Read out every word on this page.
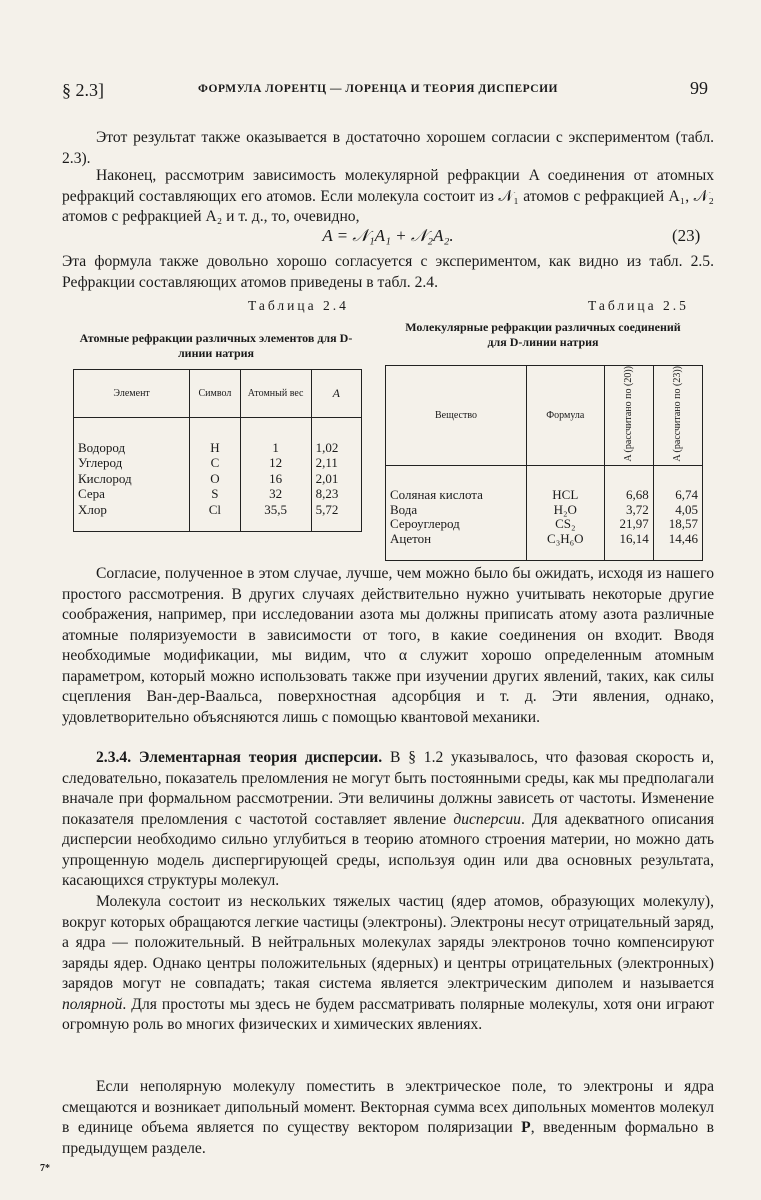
§ 2.3]	ФОРМУЛА ЛОРЕНТЦ — ЛОРЕНЦА И ТЕОРИЯ ДИСПЕРСИИ	99
Этот результат также оказывается в достаточно хорошем согласии с экспериментом (табл. 2.3).
Наконец, рассмотрим зависимость молекулярной рефракции A соединения от атомных рефракций составляющих его атомов. Если молекула состоит из 𝒩₁ атомов с рефракцией A₁, 𝒩₂ атомов с рефракцией A₂ и т. д., то, очевидно,
A = 𝒩₁A₁ + 𝒩₂A₂.	(23)
Эта формула также довольно хорошо согласуется с экспериментом, как видно из табл. 2.5. Рефракции составляющих атомов приведены в табл. 2.4.
Таблица 2.4
Атомные рефракции различных элементов для D-линии натрия
Элемент	Символ	Атомный вес	A

Водород	H	1	1,02
Углерод	C	12	2,11
Кислород	O	16	2,01
Сера	S	32	8,23
Хлор	Cl	35,5	5,72

Таблица 2.5
Молекулярные рефракции различных соединений для D-линии натрия
Вещество	Формула	A (рассчитано по (20))	A (рассчитано по (23))

Соляная кислота	HCL	6,68	6,74
Вода	H₂O	3,72	4,05
Сероуглерод	CS₂	21,97	18,57
Ацетон	C₃H₆O	16,14	14,46

Согласие, полученное в этом случае, лучше, чем можно было бы ожидать, исходя из нашего простого рассмотрения. В других случаях действительно нужно учитывать некоторые другие соображения, например, при исследовании азота мы должны приписать атому азота различные атомные поляризуемости в зависимости от того, в какие соединения он входит. Вводя необходимые модификации, мы видим, что α служит хорошо определенным атомным параметром, который можно использовать также при изучении других явлений, таких, как силы сцепления Ван-дер-Ваальса, поверхностная адсорбция и т. д. Эти явления, однако, удовлетворительно объясняются лишь с помощью квантовой механики.
2.3.4. Элементарная теория дисперсии. В § 1.2 указывалось, что фазовая скорость и, следовательно, показатель преломления не могут быть постоянными среды, как мы предполагали вначале при формальном рассмотрении. Эти величины должны зависеть от частоты. Изменение показателя преломления с частотой составляет явление дисперсии. Для адекватного описания дисперсии необходимо сильно углубиться в теорию атомного строения материи, но можно дать упрощенную модель диспергирующей среды, используя один или два основных результата, касающихся структуры молекул.
Молекула состоит из нескольких тяжелых частиц (ядер атомов, образующих молекулу), вокруг которых обращаются легкие частицы (электроны). Электроны несут отрицательный заряд, а ядра — положительный. В нейтральных молекулах заряды электронов точно компенсируют заряды ядер. Однако центры положительных (ядерных) и центры отрицательных (электронных) зарядов могут не совпадать; такая система является электрическим диполем и называется полярной. Для простоты мы здесь не будем рассматривать полярные молекулы, хотя они играют огромную роль во многих физических и химических явлениях.
Если неполярную молекулу поместить в электрическое поле, то электроны и ядра смещаются и возникает дипольный момент. Векторная сумма всех дипольных моментов молекул в единице объема является по существу вектором поляризации P, введенным формально в предыдущем разделе.
7*
